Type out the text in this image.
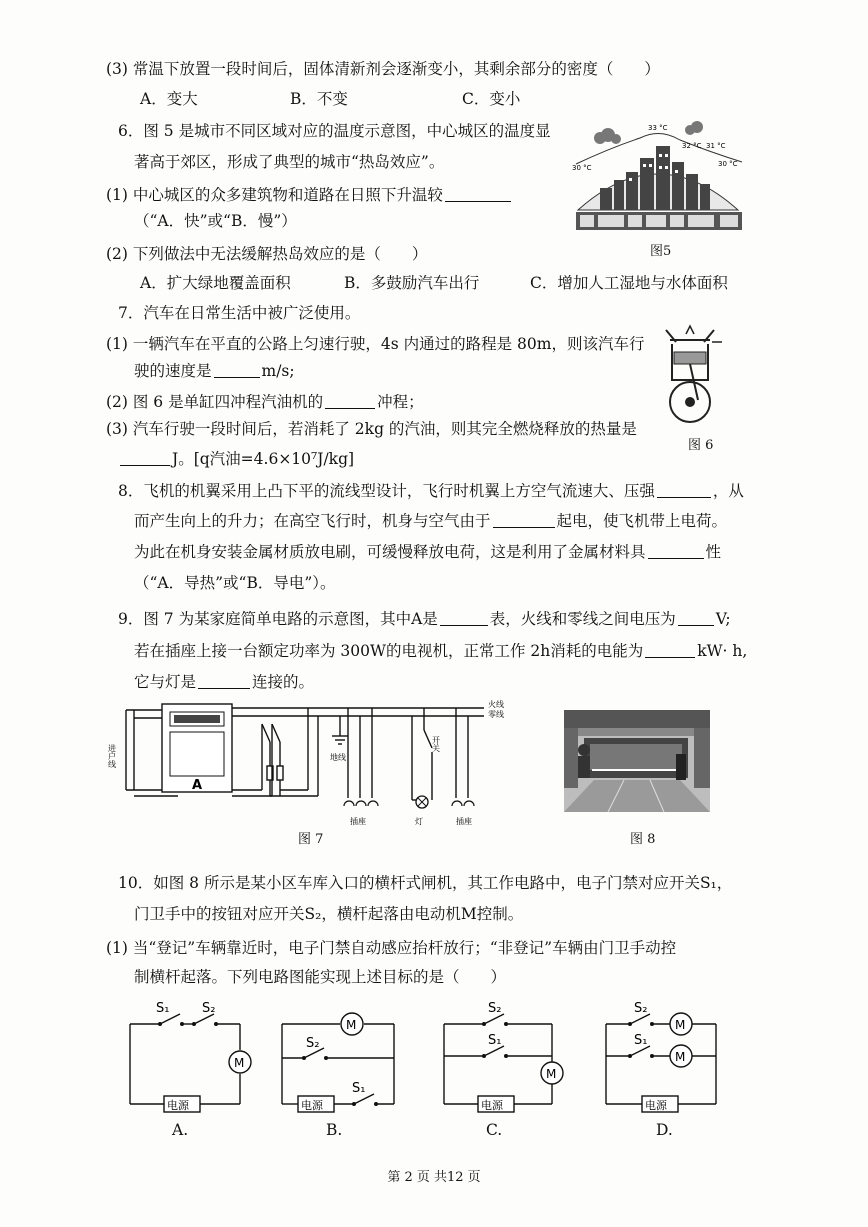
(3) 常温下放置一段时间后，固体清新剂会逐渐变小，其剩余部分的密度（　　）
A．变大	B．不变	C．变小
6．图 5 是城市不同区域对应的温度示意图，中心城区的温度显
著高于郊区，形成了典型的城市“热岛效应”。
(1) 中心城区的众多建筑物和道路在日照下升温较
（“A．快”或“B．慢”）
(2) 下列做法中无法缓解热岛效应的是（　　）
A．扩大绿地覆盖面积	B．多鼓励汽车出行	C．增加人工湿地与水体面积
33 °C
32 °C 31 °C
30 °C	30 °C
图5
7．汽车在日常生活中被广泛使用。
(1) 一辆汽车在平直的公路上匀速行驶，4s 内通过的路程是 80m，则该汽车行
驶的速度是	m/s;
(2) 图 6 是单缸四冲程汽油机的	冲程；
(3) 汽车行驶一段时间后，若消耗了 2kg 的汽油，则其完全燃烧释放的热量是
J。[q汽油=4.6×10⁷J/kg]
图 6
8．飞机的机翼采用上凸下平的流线型设计，飞行时机翼上方空气流速大、压强	，从
而产生向上的升力；在高空飞行时，机身与空气由于	起电，使飞机带上电荷。
为此在机身安装金属材质放电刷，可缓慢释放电荷，这是利用了金属材料具	性
（“A．导热”或“B．导电”）。
9．图 7 为某家庭简单电路的示意图，其中A是	表，火线和零线之间电压为	V;
若在插座上接一台额定功率为 300W的电视机，正常工作 2h消耗的电能为	kW· h,
它与灯是	连接的。
火线
零线
进户线
A
地线
开关
插座	灯	插座
图 7	图 8
10．如图 8 所示是某小区车库入口的横杆式闸机，其工作电路中，电子门禁对应开关S₁，
门卫手中的按钮对应开关S₂，横杆起落由电动机M控制。
(1) 当“登记”车辆靠近时，电子门禁自动感应抬杆放行；“非登记”车辆由门卫手动控
制横杆起落。下列电路图能实现上述目标的是（　　）
M
S₁	S₂
电源
A.
M
S₂
S₁
电源
B.
M
S₂
S₁
电源
C.
M
M
S₂
S₁
电源
D.
第 2 页 共12 页
